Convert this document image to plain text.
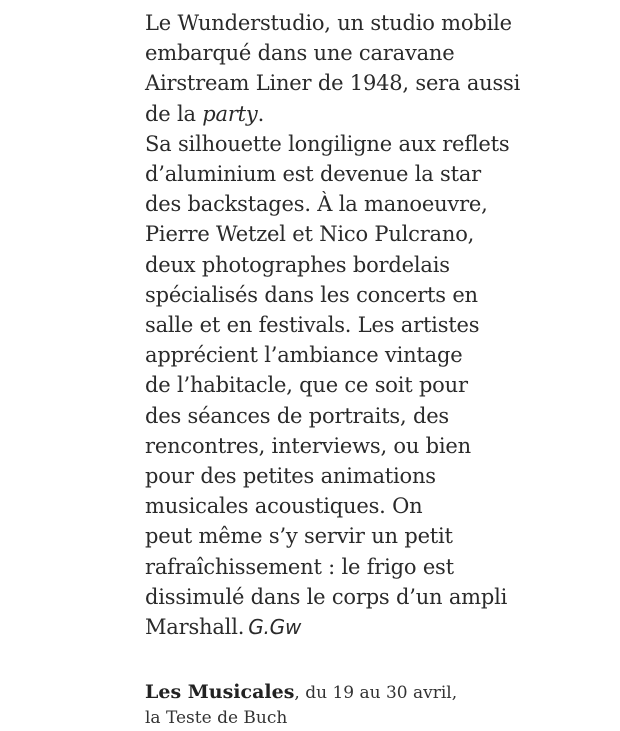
Le Wunderstudio, un studio mobile
embarqué dans une caravane
Airstream Liner de 1948, sera aussi
de la party.
Sa silhouette longiligne aux reflets
d’aluminium est devenue la star
des backstages. À la manoeuvre,
Pierre Wetzel et Nico Pulcrano,
deux photographes bordelais
spécialisés dans les concerts en
salle et en festivals. Les artistes
apprécient l’ambiance vintage
de l’habitacle, que ce soit pour
des séances de portraits, des
rencontres, interviews, ou bien
pour des petites animations
musicales acoustiques. On
peut même s’y servir un petit
rafraîchissement : le frigo est
dissimulé dans le corps d’un ampli
Marshall. G.Gw
Les Musicales, du 19 au 30 avril,
la Teste de Buch
